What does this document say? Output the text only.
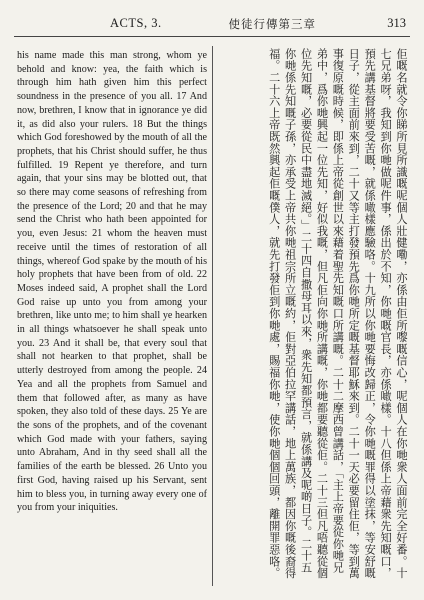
ACTS, 3.	使徒行傳第三章	313
his name made this man strong, whom ye behold and know: yea, the faith which is through him hath given him this perfect soundness in the presence of you all. 17 And now, brethren, I know that in ignorance ye did it, as did also your rulers. 18 But the things which God foreshowed by the mouth of all the prophets, that his Christ should suffer, he thus fulfilled. 19 Repent ye therefore, and turn again, that your sins may be blotted out, that so there may come seasons of refreshing from the presence of the Lord; 20 and that he may send the Christ who hath been appointed for you, even Jesus: 21 whom the heaven must receive until the times of restoration of all things, whereof God spake by the mouth of his holy prophets that have been from of old. 22 Moses indeed said, A prophet shall the Lord God raise up unto you from among your brethren, like unto me; to him shall ye hearken in all things whatsoever he shall speak unto you. 23 And it shall be, that every soul that shall not hearken to that prophet, shall be utterly destroyed from among the people. 24 Yea and all the prophets from Samuel and them that followed after, as many as have spoken, they also told of these days. 25 Ye are the sons of the prophets, and of the covenant which God made with your fathers, saying unto Abraham, And in thy seed shall all the families of the earth be blessed. 26 Unto you first God, having raised up his Servant, sent him to bless you, in turning away every one of you from your iniquities.	佢嘅名就令你睇所見所識嘅呢個人壯健嘞，亦係由佢所嚟嘅信心，呢個人在你哋衆人面前完全好番。十七兄弟呀，我知到你哋做呢件事，係出於不知，你哋嘅官長，亦係噉樣。十八但係上帝藉衆先知嘅口，預先講基督將要受苦嘅，就係噉樣應驗咯。十九所以你哋要悔改歸正，令你哋嘅罪得以塗抹，等安舒嘅日子，從主面前來到，二十又等主打發預先爲你哋所定嘅基督耶穌來到。二十一天必要留住佢，等到萬事復原嘅時候，即係上帝從創世以來藉着聖先知嘅口所講嘅。二十二摩西曾講話，「主上帝要從你哋兄弟中，爲你哋興起一位先知，好似我嘅，但凡佢向你哋所講嘅，你哋都要聽從佢。二十三但凡唔聽從個位先知嘅，必要從民中盡地滅絕。」二十四自撒母耳以來，衆先知都預言，就係講及呢啲日子。二十五你哋係先知嘅子孫，亦承受上帝共你哋祖宗所立嘅約，佢對亞伯拉罕講話，地上萬族，都因你嘅後裔得福。二十六上帝既然興起佢嘅僕人，就先打發佢到你哋處，賜福你哋，使你哋個個回頭，離開罪惡咯。
